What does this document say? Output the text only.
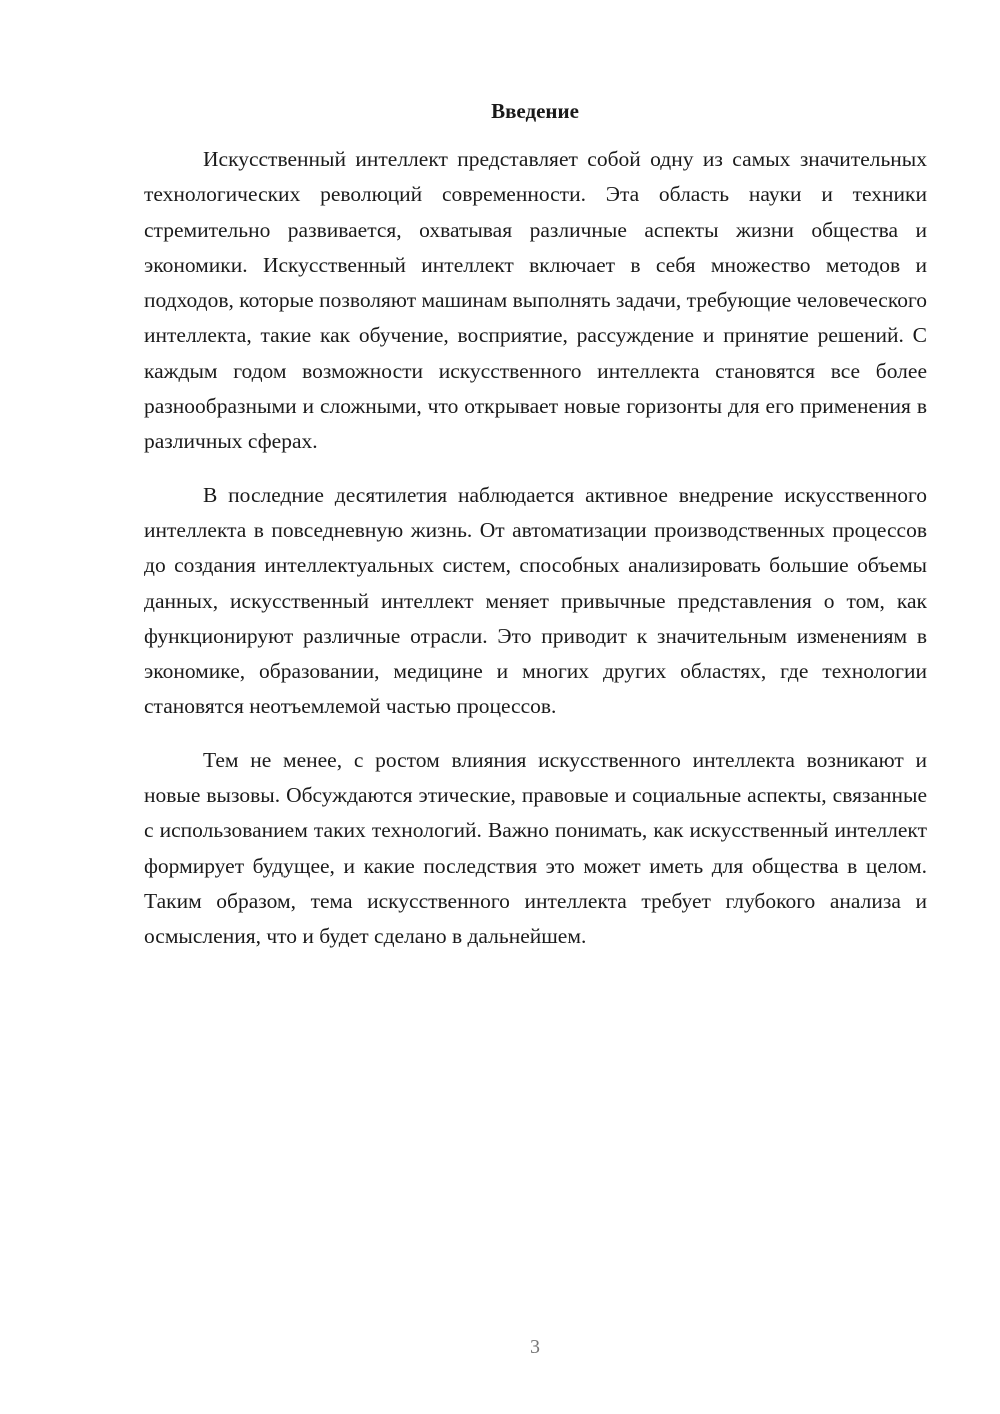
Введение

Искусственный интеллект представляет собой одну из самых значительных технологических революций современности. Эта область науки и техники стремительно развивается, охватывая различные аспекты жизни общества и экономики. Искусственный интеллект включает в себя множество методов и подходов, которые позволяют машинам выполнять задачи, требующие человеческого интеллекта, такие как обучение, восприятие, рассуждение и принятие решений. С каждым годом возможности искусственного интеллекта становятся все более разнообразными и сложными, что открывает новые горизонты для его применения в различных сферах.

В последние десятилетия наблюдается активное внедрение искусственного интеллекта в повседневную жизнь. От автоматизации производственных процессов до создания интеллектуальных систем, способных анализировать большие объемы данных, искусственный интеллект меняет привычные представления о том, как функционируют различные отрасли. Это приводит к значительным изменениям в экономике, образовании, медицине и многих других областях, где технологии становятся неотъемлемой частью процессов.

Тем не менее, с ростом влияния искусственного интеллекта возникают и новые вызовы. Обсуждаются этические, правовые и социальные аспекты, связанные с использованием таких технологий. Важно понимать, как искусственный интеллект формирует будущее, и какие последствия это может иметь для общества в целом. Таким образом, тема искусственного интеллекта требует глубокого анализа и осмысления, что и будет сделано в дальнейшем.

3
